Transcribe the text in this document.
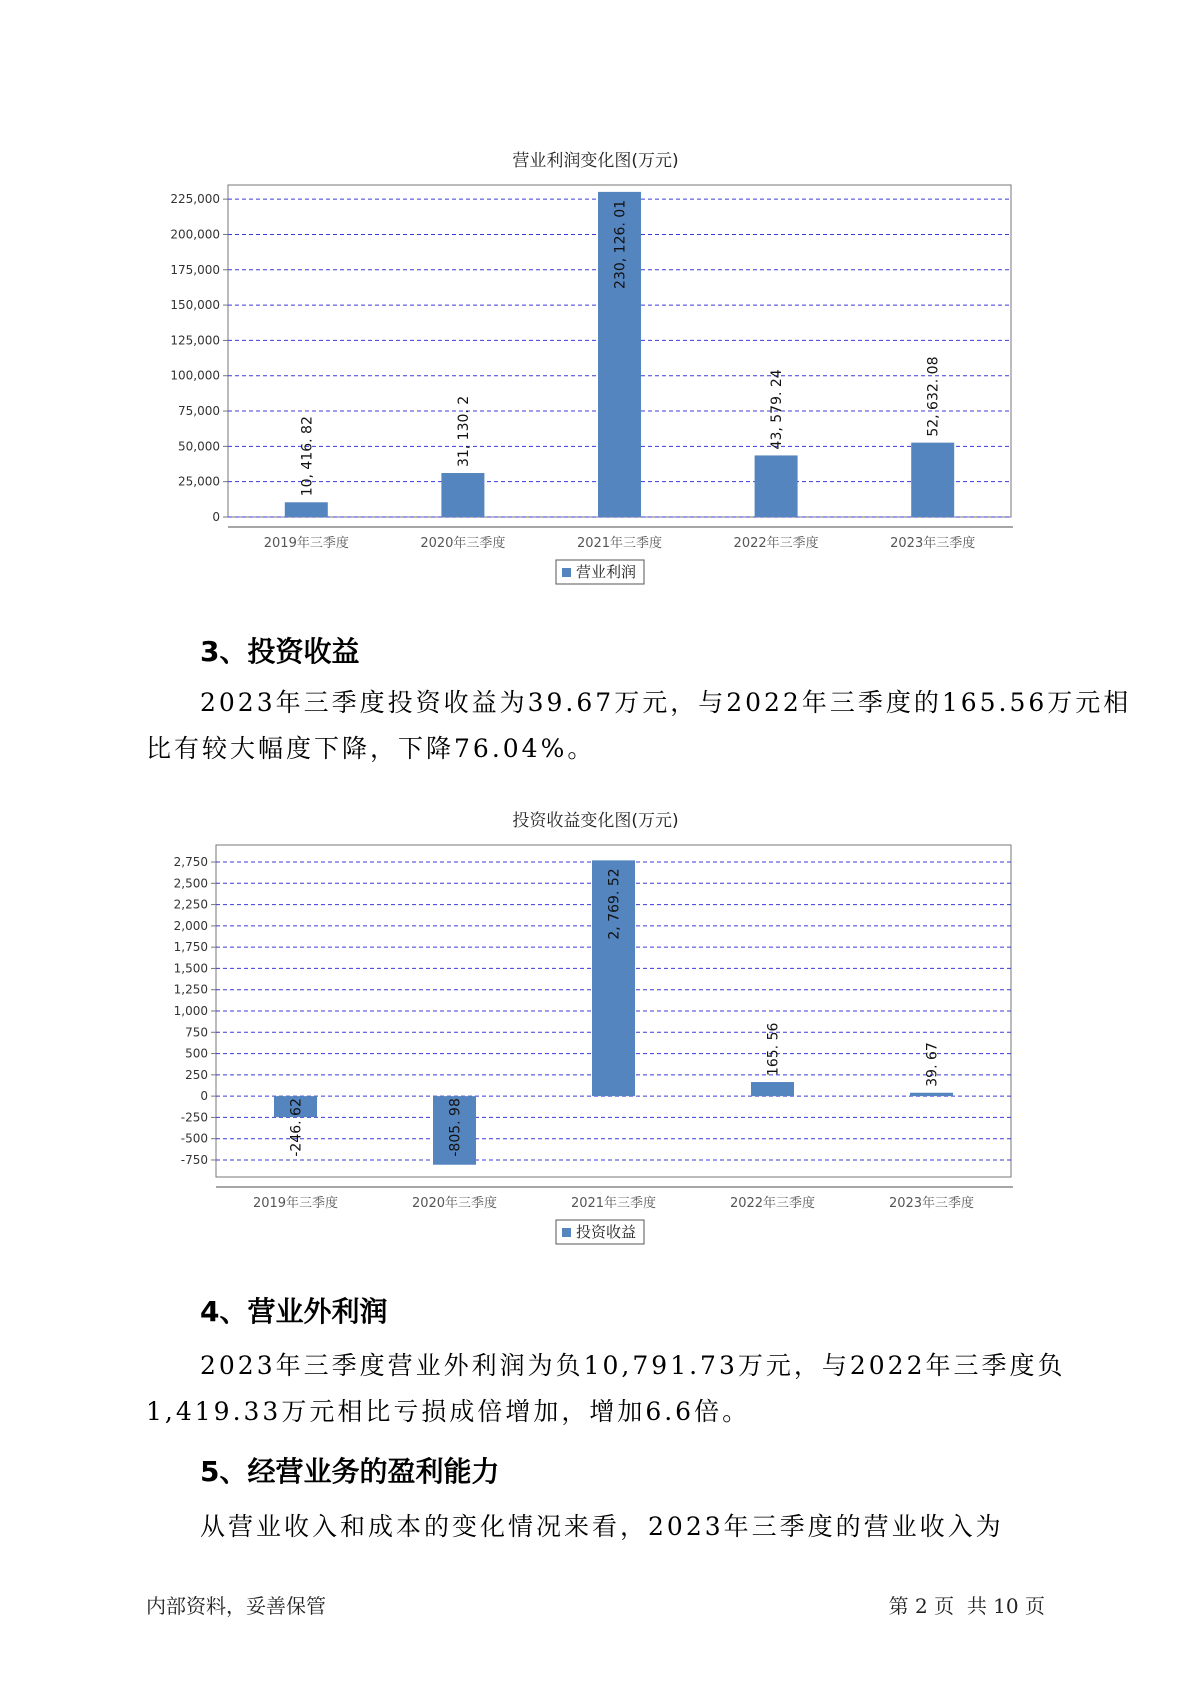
营业利润变化图(万元)
0
25,000
50,000
75,000
100,000
125,000
150,000
175,000
200,000
225,000
2019年三季度
10, 416. 82
2020年三季度
31, 130. 2
2021年三季度
230, 126. 01
2022年三季度
43, 579. 24
2023年三季度
52, 632. 08
营业利润
3、投资收益

2023年三季度投资收益为39.67万元，与2022年三季度的165.56万元相

比有较大幅度下降，下降76.04%。

投资收益变化图(万元)
-750
-500
-250
0
250
500
750
1,000
1,250
1,500
1,750
2,000
2,250
2,500
2,750
2019年三季度
-246. 62
2020年三季度
-805. 98
2021年三季度
2, 769. 52
2022年三季度
165. 56
2023年三季度
39. 67
投资收益
4、营业外利润

2023年三季度营业外利润为负10,791.73万元，与2022年三季度负

1,419.33万元相比亏损成倍增加，增加6.6倍。

5、经营业务的盈利能力

从营业收入和成本的变化情况来看，2023年三季度的营业收入为

内部资料，妥善保管	第 2 页  共 10 页
